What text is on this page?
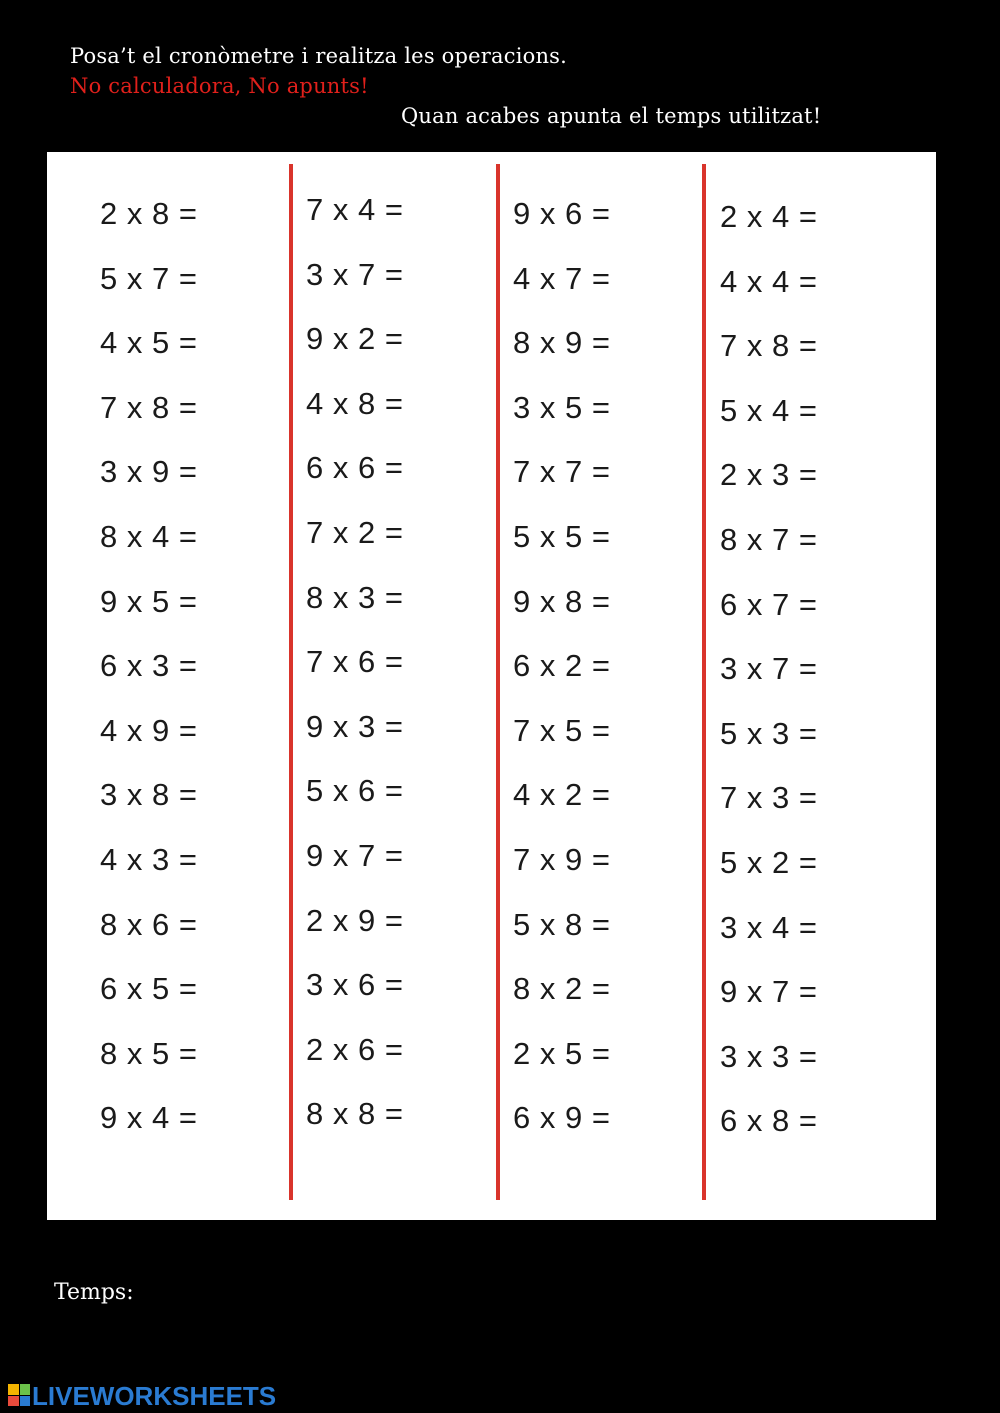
Posa’t el cronòmetre i realitza les operacions.
No calculadora, No apunts!
Quan acabes apunta el temps utilitzat!
2 x 8 =
5 x 7 =
4 x 5 =
7 x 8 =
3 x 9 =
8 x 4 =
9 x 5 =
6 x 3 =
4 x 9 =
3 x 8 =
4 x 3 =
8 x 6 =
6 x 5 =
8 x 5 =
9 x 4 =
7 x 4 =
3 x 7 =
9 x 2 =
4 x 8 =
6 x 6 =
7 x 2 =
8 x 3 =
7 x 6 =
9 x 3 =
5 x 6 =
9 x 7 =
2 x 9 =
3 x 6 =
2 x 6 =
8 x 8 =
9 x 6 =
4 x 7 =
8 x 9 =
3 x 5 =
7 x 7 =
5 x 5 =
9 x 8 =
6 x 2 =
7 x 5 =
4 x 2 =
7 x 9 =
5 x 8 =
8 x 2 =
2 x 5 =
6 x 9 =
2 x 4 =
4 x 4 =
7 x 8 =
5 x 4 =
2 x 3 =
8 x 7 =
6 x 7 =
3 x 7 =
5 x 3 =
7 x 3 =
5 x 2 =
3 x 4 =
9 x 7 =
3 x 3 =
6 x 8 =
Temps:
LIVEWORKSHEETS
